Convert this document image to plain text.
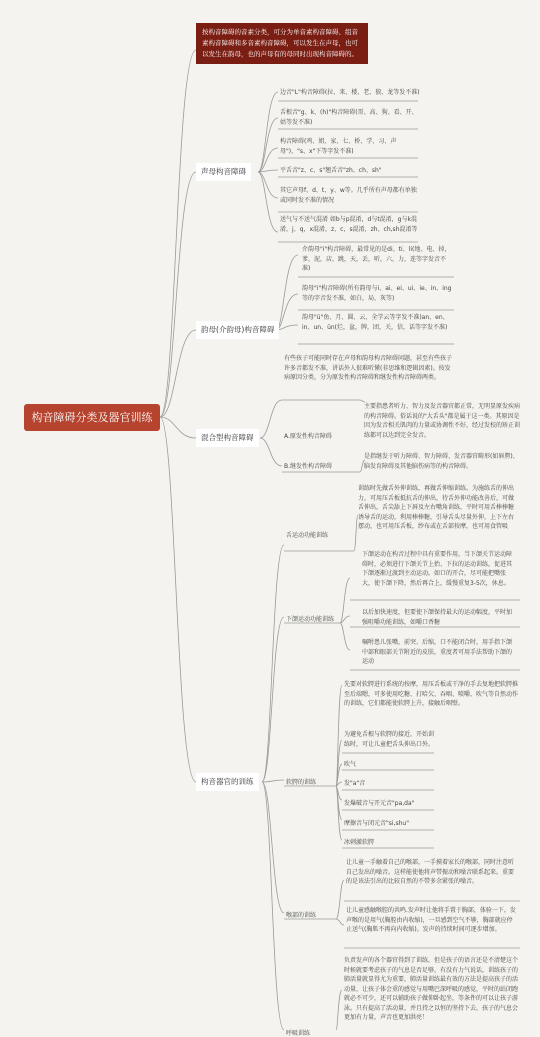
构音障碍分类及器官训练
按构音障碍的音素分类，可分为单音素构音障碍、组音素构音障碍和多音素构音障碍，可以发生在声母，也可以发生在韵母，也的声母有的母同时出现构音障碍的。
声母构音障碍
边音"L"构音障碍(拉、来、楼、老、狼、龙等发不准)
舌根音"g、k、(h)"构音障碍(哥、高、狗、看、开、姑等发不准)
构音障碍(鸡、姐、家、七、桥、学、习、声母")、"s、x"下等字发不准)
平舌音"z、c、s"翘舌音"zh、ch、sh"
其它声母f、d、t、y、w等。几乎所有声母都有单独或同时发不准的情况
送气与不送气混淆 如b与p混淆，d与t混淆，g与k混淆，j、q，x混淆，z、c，s混淆，zh、ch,sh混淆等
韵母(介韵母)构音障碍
介韵母"i"构音障碍，最常见的是di、ti、li(地、电、掉，爹，泥，店，跳，天，丢，听，六，力，连等字发音不准)
韵母"i"构音障碍(所有韵母与i、ai、ei、ui、ie、in、ing等的字音发不准，如白，局，灰等)
韵母"ü"鱼、月、圆、云、全学云等字发不准)an、en、in、un、ün(烂，盆，牌，团，关，信，话等字发不准)
有些孩子可能同时存在声母和韵母构音障碍问题，甚至有些孩子许多音都发不准，讲话外人很难听懂(非思维和逻辑因素)。按发病原因分类，分为原发性构音障碍和继发性构音障碍两类。
混合型构音障碍	A.原发性构音障碍
主要指患者听力、智力及发音器官都正常，无明显原发疾病的构音障碍。俗话说的"大舌头"都是属于这一类。其原因是因为发音相关肌肉的力量或协调性不好，经过发校的矫正训练都可以达到完全发音。
B.继发性构音障碍
是指继发于听力障碍、智力障碍、发音器官畸形(如唇腭)、脑发育障碍及其他脑伤病等的构音障碍。
构音器官的训练
舌运动功能训练
训练时先做舌外伸训练，再做舌伸缩训练。为施练舌的伸出力，可用压舌板抵抗舌的伸出，待舌外伸功能改善后，可做舌伸出，舌尖舔上下唇及左右嘴角训练，平时可用舌棒棒糖诱导舌的运动，利用棒棒糖，引导舌头尽量外伸，上下左右摆动，也可用压舌板，纱布或在舌部按摩，也可用食管吸
下颌运动功能训练
下颌运动在构音过程中具有重要作用，当下颌关节运动障碍时，必须进行下颌关节上抬、下拉的运动训练，促进其下颌逐渐过渡到主动运动。如口的开合，尽可能把嘴张大，使下颌下降，然后再合上，缓慢重复3-5次，休息。
以后加快速度，但要使下颌保持最大的运动幅度，平时加强咀嚼功能训练，如嚼口香糖
嘱咐患儿张嘴，前突、后缩，口不能闭合时，用手指下颌中部和眼部关节附近的皮肤，重度者可用手法帮助下颌的运动
先要对软腭进行系统的按摩，用压舌板或干净的手去复地把软腭推至后端嗯，可多使用吃糖、打哈欠、吞咽、喷嚼、吹气等自然动作的训练，它们都能使软腭上升，接触后咽壁。
软腭的训练
为避免舌根与软腭的接近，开始训练时，可让儿童把舌头伸出口外。
吹气
发"a"音
发爆破音与开元音"pa,da"
摩擦音与闭元音"si,shu"
冰刺激软腭
喉部的训练
让儿童一手触着自己的喉部，一手摸着家长的喉部，同时注意听自己发出的噪音。这样能使他将声带振动和噪音联系起来。重要的是该法引出的比较自然的不带多余紧张的噪音。
让儿童感触喉腔的共鸣.发声时让他将手置于胸部，体验一下。发声喉的是用气(胸腔由内收缩)，一旦感到空气不够，胸部就应停止送气(胸肌不再向内收缩)。发声的持续时间可逐步增加。
呼吸训练
负责发声的各个器官得到了训练，但是孩子的语言还是不清楚这个时候就要考虑孩子的气息是否足够，有没有力气说话，训练孩子的肺活量就显得尤为重要，肺活量训练最有效的方法是提高孩子的活动量，让孩子体会重的感觉与用嘴巴深呼吸的感觉，平时的站闭跑就必不可少，还可以辅助孩子做仰卧起坐，等条件的可以让孩子游泳。只有提高了活动量，并且持之以恒的坚持下去，孩子的气息会更加有力量，声音也更加洪亮！
